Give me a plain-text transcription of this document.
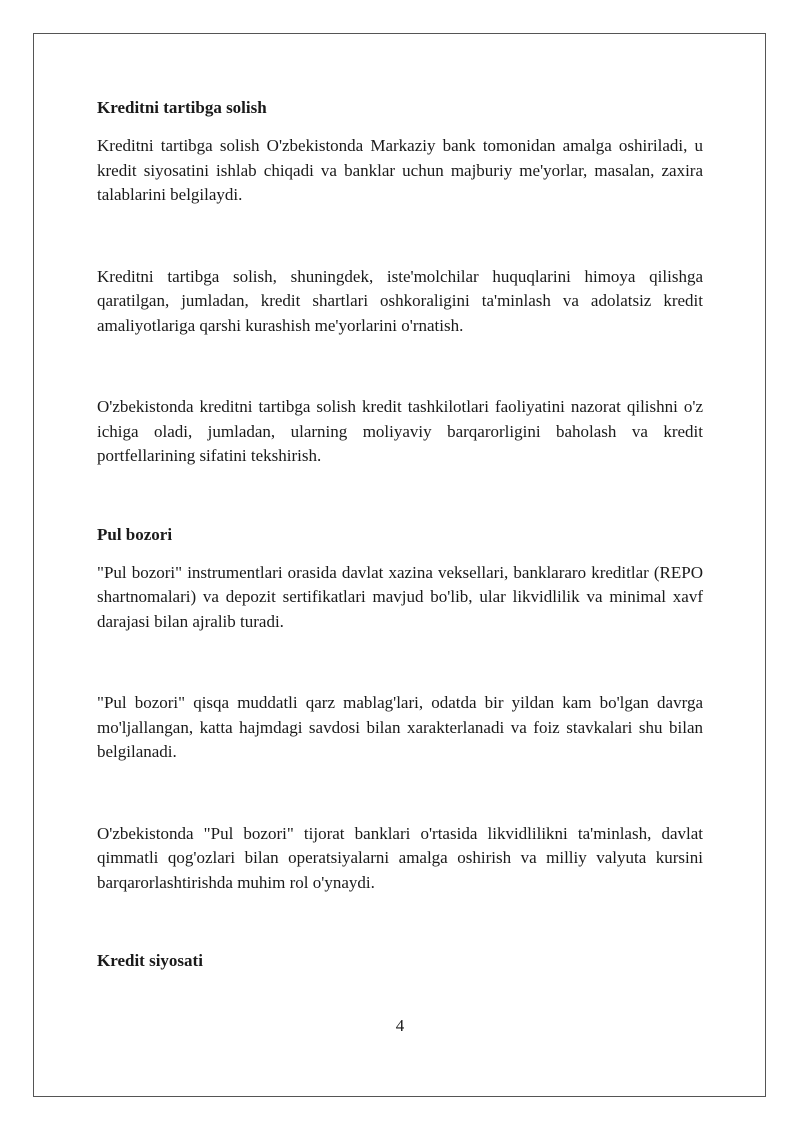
Kreditni tartibga solish

Kreditni tartibga solish O'zbekistonda Markaziy bank tomonidan amalga oshiriladi, u kredit siyosatini ishlab chiqadi va banklar uchun majburiy me'yorlar, masalan, zaxira talablarini belgilaydi.

Kreditni tartibga solish, shuningdek, iste'molchilar huquqlarini himoya qilishga qaratilgan, jumladan, kredit shartlari oshkoraligini ta'minlash va adolatsiz kredit amaliyotlariga qarshi kurashish me'yorlarini o'rnatish.

O'zbekistonda kreditni tartibga solish kredit tashkilotlari faoliyatini nazorat qilishni o'z ichiga oladi, jumladan, ularning moliyaviy barqarorligini baholash va kredit portfellarining sifatini tekshirish.

Pul bozori

"Pul bozori" instrumentlari orasida davlat xazina veksellari, banklararo kreditlar (REPO shartnomalari) va depozit sertifikatlari mavjud bo'lib, ular likvidlilik va minimal xavf darajasi bilan ajralib turadi.

"Pul bozori" qisqa muddatli qarz mablag'lari, odatda bir yildan kam bo'lgan davrga mo'ljallangan, katta hajmdagi savdosi bilan xarakterlanadi va foiz stavkalari shu bilan belgilanadi.

O'zbekistonda "Pul bozori" tijorat banklari o'rtasida likvidlilikni ta'minlash, davlat qimmatli qog'ozlari bilan operatsiyalarni amalga oshirish va milliy valyuta kursini barqarorlashtirishda muhim rol o'ynaydi.

Kredit siyosati
4
